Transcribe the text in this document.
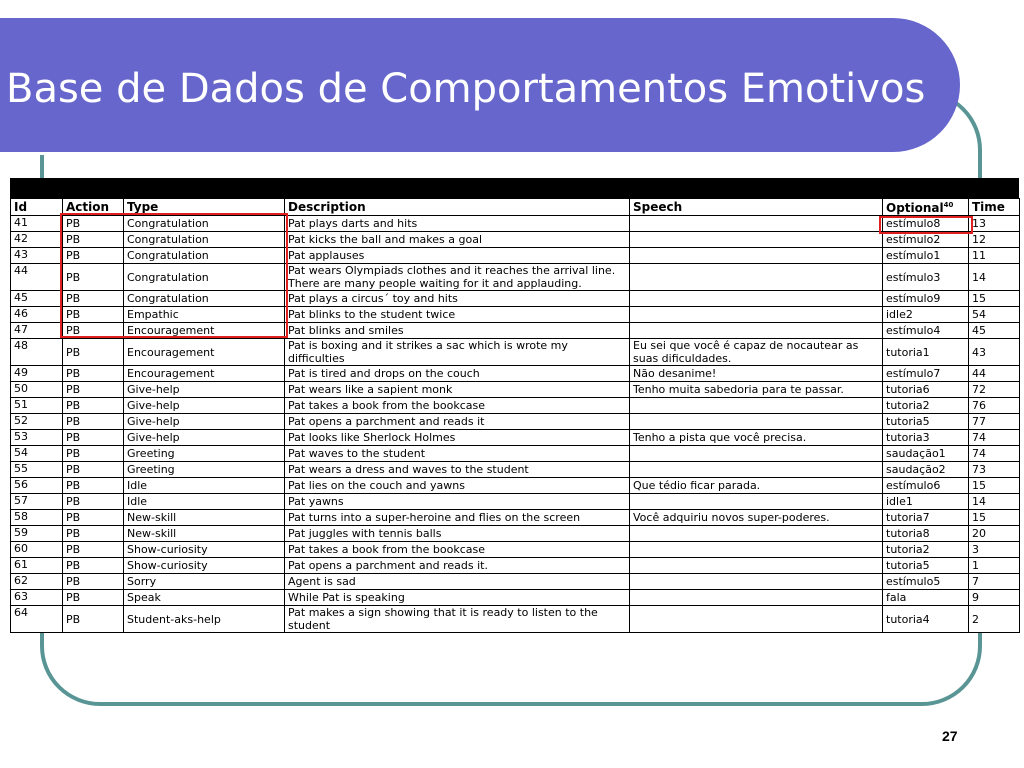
Base de Dados de Comportamentos Emotivos
Id	Action	Type	Description	Speech	Optional$^{40}$	Time
41	PB	Congratulation	Pat plays darts and hits		estímulo8	13
42	PB	Congratulation	Pat kicks the ball and makes a goal		estímulo2	12
43	PB	Congratulation	Pat applauses		estímulo1	11
44	PB	Congratulation	Pat wears Olympiads clothes and it reaches the arrival line. There are many people waiting for it and applauding.		estímulo3	14
45	PB	Congratulation	Pat plays a circus´ toy and hits		estímulo9	15
46	PB	Empathic	Pat blinks to the student twice		idle2	54
47	PB	Encouragement	Pat blinks and smiles		estímulo4	45
48	PB	Encouragement	Pat is boxing and it strikes a sac which is wrote my difficulties	Eu sei que você é capaz de nocautear as suas dificuldades.	tutoria1	43
49	PB	Encouragement	Pat is tired and drops on the couch	Não desanime!	estímulo7	44
50	PB	Give-help	Pat wears like a sapient monk	Tenho muita sabedoria para te passar.	tutoria6	72
51	PB	Give-help	Pat takes a book from the bookcase		tutoria2	76
52	PB	Give-help	Pat opens a parchment and reads it		tutoria5	77
53	PB	Give-help	Pat looks like Sherlock Holmes	Tenho a pista que você precisa.	tutoria3	74
54	PB	Greeting	Pat waves to the student		saudação1	74
55	PB	Greeting	Pat wears a dress and waves to the student		saudação2	73
56	PB	Idle	Pat lies on the couch and yawns	Que tédio ficar parada.	estímulo6	15
57	PB	Idle	Pat yawns		idle1	14
58	PB	New-skill	Pat turns into a super-heroine and flies on the screen	Você adquiriu novos super-poderes.	tutoria7	15
59	PB	New-skill	Pat juggles with tennis balls		tutoria8	20
60	PB	Show-curiosity	Pat takes a book from the bookcase		tutoria2	3
61	PB	Show-curiosity	Pat opens a parchment and reads it.		tutoria5	1
62	PB	Sorry	Agent is sad		estímulo5	7
63	PB	Speak	While Pat is speaking		fala	9
64	PB	Student-aks-help	Pat makes a sign showing that it is ready to listen to the student		tutoria4	2
27
